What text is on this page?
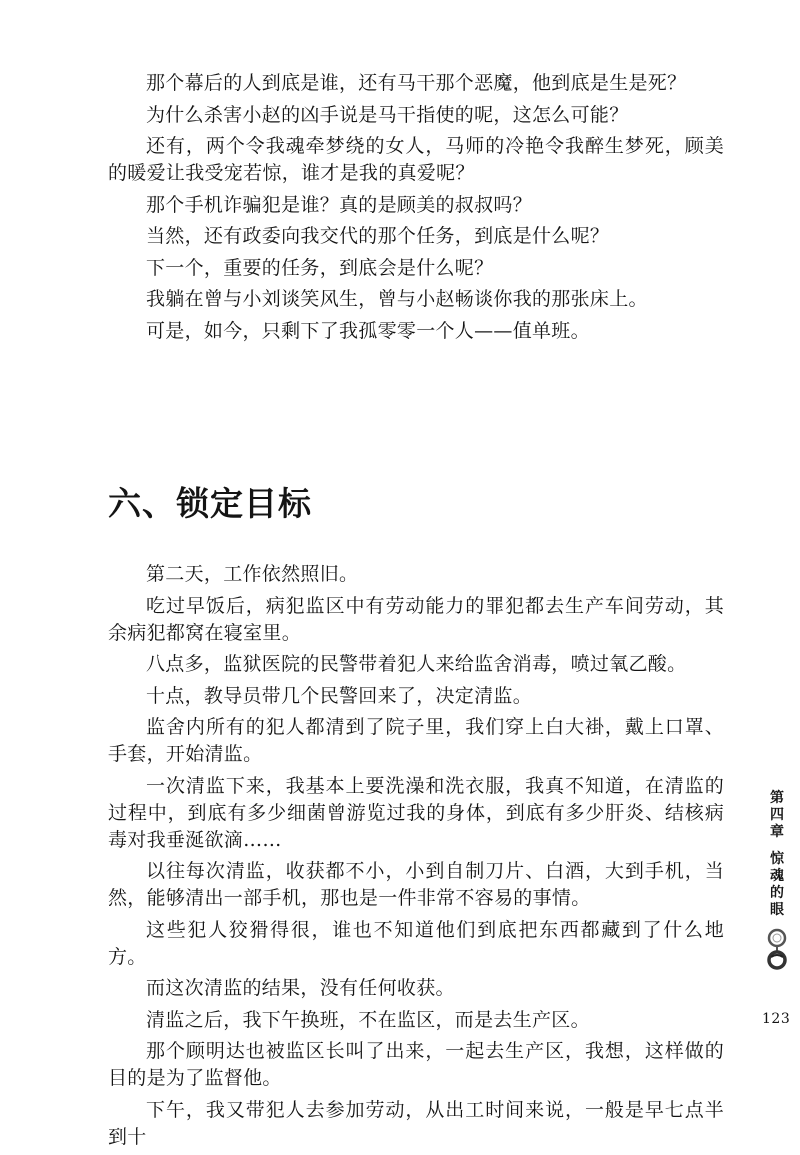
那个幕后的人到底是谁，还有马干那个恶魔，他到底是生是死？

为什么杀害小赵的凶手说是马干指使的呢，这怎么可能？

还有，两个令我魂牵梦绕的女人，马师的冷艳令我醉生梦死，顾美的暖爱让我受宠若惊，谁才是我的真爱呢？

那个手机诈骗犯是谁？真的是顾美的叔叔吗？

当然，还有政委向我交代的那个任务，到底是什么呢？

下一个，重要的任务，到底会是什么呢？

我躺在曾与小刘谈笑风生，曾与小赵畅谈你我的那张床上。

可是，如今，只剩下了我孤零零一个人——值单班。

六、锁定目标

第二天，工作依然照旧。

吃过早饭后，病犯监区中有劳动能力的罪犯都去生产车间劳动，其余病犯都窝在寝室里。

八点多，监狱医院的民警带着犯人来给监舍消毒，喷过氧乙酸。

十点，教导员带几个民警回来了，决定清监。

监舍内所有的犯人都清到了院子里，我们穿上白大褂，戴上口罩、手套，开始清监。

一次清监下来，我基本上要洗澡和洗衣服，我真不知道，在清监的过程中，到底有多少细菌曾游览过我的身体，到底有多少肝炎、结核病毒对我垂涎欲滴……

以往每次清监，收获都不小，小到自制刀片、白酒，大到手机，当然，能够清出一部手机，那也是一件非常不容易的事情。

这些犯人狡猾得很，谁也不知道他们到底把东西都藏到了什么地方。

而这次清监的结果，没有任何收获。

清监之后，我下午换班，不在监区，而是去生产区。

那个顾明达也被监区长叫了出来，一起去生产区，我想，这样做的目的是为了监督他。

下午，我又带犯人去参加劳动，从出工时间来说，一般是早七点半到十

第四章
惊魂的眼
123
